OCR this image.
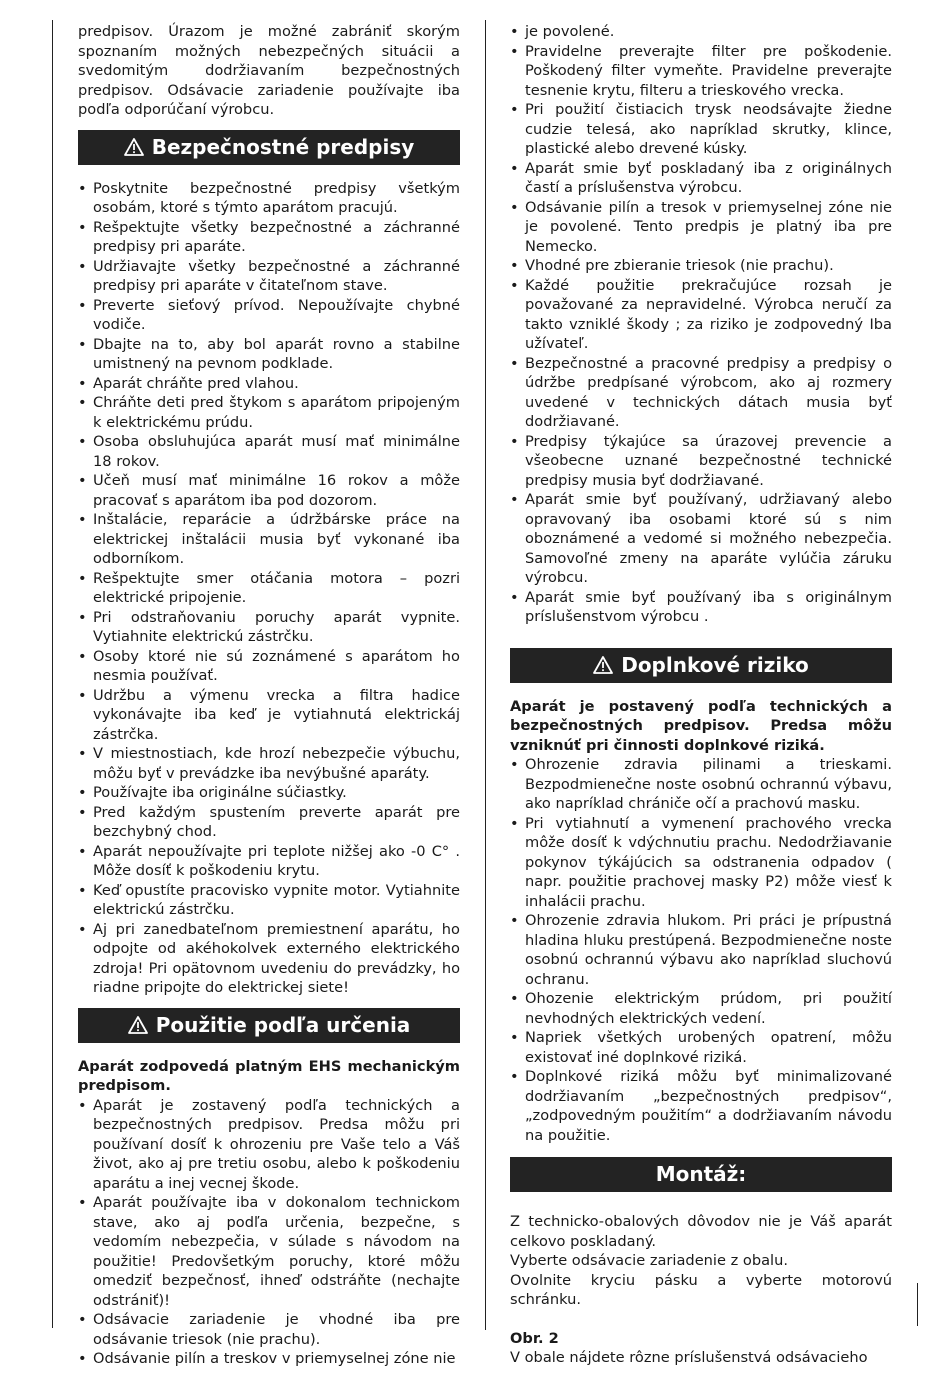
predpisov. Úrazom je možné zabrániť skorým spoznaním možných nebezpečných situácii a svedomitým dodržiavaním bezpečnostných predpisov. Odsávacie zariadenie používajte iba podľa odporúčaní výrobcu.

Bezpečnostné predpisy
• Poskytnite bezpečnostné predpisy všetkým osobám, ktoré s týmto aparátom pracujú.
• Rešpektujte všetky bezpečnostné a záchranné predpisy pri aparáte.
• Udržiavajte všetky bezpečnostné a záchranné predpisy pri aparáte v čitateľnom stave.
• Preverte sieťový prívod. Nepoužívajte chybné vodiče.
• Dbajte na to, aby bol aparát rovno a stabilne umistnený na pevnom podklade.
• Aparát chráňte pred vlahou.
• Chráňte deti pred štykom s aparátom pripojeným k elektrickému prúdu.
• Osoba obsluhujúca aparát musí mať minimálne 18 rokov.
• Učeň musí mať minimálne 16 rokov a môže pracovať s aparátom iba pod dozorom.
• Inštalácie, reparácie a údržbárske práce na elektrickej inštalácii musia byť vykonané iba odborníkom.
• Rešpektujte smer otáčania motora – pozri elektrické pripojenie.
• Pri odstraňovaniu poruchy aparát vypnite. Vytiahnite elektrickú zástrčku.
• Osoby ktoré nie sú zoznámené s aparátom ho nesmia používať.
• Udržbu a výmenu vrecka a filtra hadice vykonávajte iba keď je vytiahnutá elektrickáj zástrčka.
• V miestnostiach, kde hrozí nebezpečie výbuchu, môžu byť v prevádzke iba nevýbušné aparáty.
• Používajte iba originálne súčiastky.
• Pred každým spustením preverte aparát pre bezchybný chod.
• Aparát nepoužívajte pri teplote nižšej ako -0 C° . Môže dosíť k poškodeniu krytu.
• Keď opustíte pracovisko vypnite motor. Vytiahnite elektrickú zástrčku.
• Aj pri zanedbateľnom premiestnení aparátu, ho odpojte od akéhokolvek externého elektrického zdroja! Pri opätovnom uvedeniu do prevádzky, ho riadne pripojte do elektrickej siete!
Použitie podľa určenia

Aparát zodpovedá platným EHS mechanickým predpisom.

• Aparát je zostavený podľa technických a bezpečnostných predpisov. Predsa môžu pri používaní dosíť k ohrozeniu pre Vaše telo a Váš život, ako aj pre tretiu osobu, alebo k poškodeniu aparátu a inej vecnej škode.
• Aparát používajte iba v dokonalom technickom stave, ako aj podľa určenia, bezpečne, s vedomím nebezpečia, v súlade s návodom na použitie! Predovšetkým poruchy, ktoré môžu omedziť bezpečnosť, ihneď odstráňte (nechajte odstrániť)!
• Odsávacie zariadenie je vhodné iba pre odsávanie triesok (nie prachu).
• Odsávanie pilín a treskov v priemyselnej zóne nie
• je povolené.
• Pravidelne preverajte filter pre poškodenie. Poškodený filter vymeňte. Pravidelne preverajte tesnenie krytu, filteru a trieskového vrecka.
• Pri použití čistiacich trysk neodsávajte žiedne cudzie telesá, ako napríklad skrutky, klince, plastické alebo drevené kúsky.
• Aparát smie byť poskladaný iba z originálnych častí a príslušenstva výrobcu.
• Odsávanie pilín a tresok v priemyselnej zóne nie je povolené. Tento predpis je platný iba pre Nemecko.
• Vhodné pre zbieranie triesok (nie prachu).
• Každé použitie prekračujúce rozsah je považované za nepravidelné. Výrobca neručí za takto vzniklé škody ; za riziko je zodpovedný Iba užívateľ.
• Bezpečnostné a pracovné predpisy a predpisy o údržbe predpísané výrobcom, ako aj rozmery uvedené v technických dátach musia byť dodržiavané.
• Predpisy týkajúce sa úrazovej prevencie a všeobecne uznané bezpečnostné technické predpisy musia byť dodržiavané.
• Aparát smie byť používaný, udržiavaný alebo opravovaný iba osobami ktoré sú s nim oboznámené a vedomé si možného nebezpečia. Samovoľné zmeny na aparáte vylúčia záruku výrobcu.
• Aparát smie byť používaný iba s originálnym príslušenstvom výrobcu .
Doplnkové riziko

Aparát je postavený podľa technických a bezpečnostných predpisov. Predsa môžu vzniknúť pri činnosti doplnkové riziká.

• Ohrozenie zdravia pilinami a trieskami. Bezpodmienečne noste osobnú ochrannú výbavu, ako napríklad chrániče očí a prachovú masku.
• Pri vytiahnutí a vymenení prachového vrecka môže dosíť k vdýchnutiu prachu. Nedodržiavanie pokynov týkájúcich sa odstranenia odpadov ( napr. použitie prachovej masky P2) môže viesť k inhalácii prachu.
• Ohrozenie zdravia hlukom. Pri práci je prípustná hladina hluku prestúpená. Bezpodmienečne noste osobnú ochrannú výbavu ako napríklad sluchovú ochranu.
• Ohozenie elektrickým prúdom, pri použití nevhodných elektrických vedení.
• Napriek všetkých urobených opatrení, môžu existovať iné doplnkové riziká.
• Doplnkové riziká môžu byť minimalizované dodržiavaním „bezpečnostných predpisov“, „zodpovedným použitím“ a dodržiavaním návodu na použitie.
Montáž:

Z technicko-obalových dôvodov nie je Váš aparát celkovo poskladaný.

Vyberte odsávacie zariadenie z obalu.

Ovolnite kryciu pásku a vyberte motorovú schránku.

Obr. 2

V obale nájdete rôzne príslušenstvá odsávacieho
